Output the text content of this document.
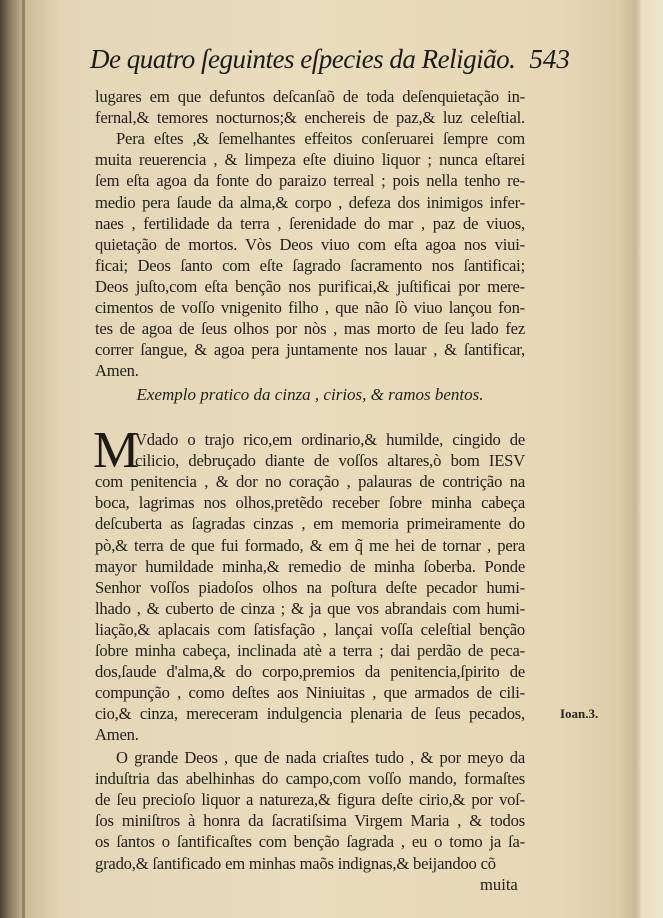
De quatro ſeguintes eſpecies da Religião. 543
lugares em que defuntos deſcanſaõ de toda deſenquietação in-
fernal,& temores nocturnos;& enchereis de paz,& luz celeſtial.
Pera eſtes ,& ſemelhantes effeitos conſeruarei ſempre com
muita reuerencia , & limpeza eſte diuino liquor ; nunca eſtarei
ſem eſta agoa da fonte do paraizo terreal ; pois nella tenho re-
medio pera ſaude da alma,& corpo , defeza dos inimigos infer-
naes , fertilidade da terra , ſerenidade do mar , paz de viuos,
quietação de mortos. Vòs Deos viuo com eſta agoa nos viui-
ficai; Deos ſanto com eſte ſagrado ſacramento nos ſantificai;
Deos juſto,com eſta benção nos purificai,& juſtificai por mere-
cimentos de voſſo vnigenito filho , que não ſò viuo lançou fon-
tes de agoa de ſeus olhos por nòs , mas morto de ſeu lado fez
correr ſangue, & agoa pera juntamente nos lauar , & ſantificar,
Amen.
Exemplo pratico da cinza , cirios, & ramos bentos.
M
Vdado o trajo rico,em ordinario,& humilde, cingido de
cilicio, debruçado diante de voſſos altares,ò bom IESV
com penitencia , & dor no coração , palauras de contrição na
boca, lagrimas nos olhos,pretẽdo receber ſobre minha cabeça
deſcuberta as ſagradas cinzas , em memoria primeiramente do
pò,& terra de que fui formado, & em q̃ me hei de tornar , pera
mayor humildade minha,& remedio de minha ſoberba. Ponde
Senhor voſſos piadoſos olhos na poſtura deſte pecador humi-
lhado , & cuberto de cinza ; & ja que vos abrandais com humi-
liação,& aplacais com ſatisfação , lançai voſſa celeſtial benção
ſobre minha cabeça, inclinada atè a terra ; dai perdão de peca-
dos,ſaude d'alma,& do corpo,premios da penitencia,ſpirito de
compunção , como deſtes aos Niniuitas , que armados de cili-
cio,& cinza, mereceram indulgencia plenaria de ſeus pecados,
Amen.
O grande Deos , que de nada criaſtes tudo , & por meyo da
induſtria das abelhinhas do campo,com voſſo mando, formaſtes
de ſeu precioſo liquor a natureza,& figura deſte cirio,& por voſ-
ſos miniſtros à honra da ſacratiſsima Virgem Maria , & todos
os ſantos o ſantificaſtes com benção ſagrada , eu o tomo ja ſa-
grado,& ſantificado em minhas maõs indignas,& beijandoo cõ
muita
Ioan.3.
